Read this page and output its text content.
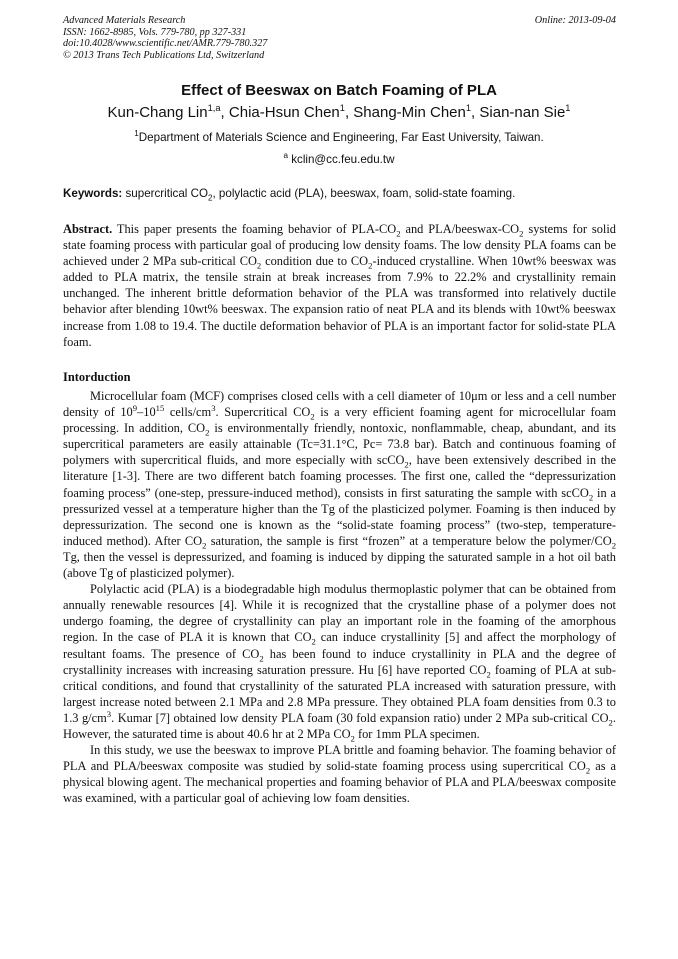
Advanced Materials Research
ISSN: 1662-8985, Vols. 779-780, pp 327-331
doi:10.4028/www.scientific.net/AMR.779-780.327
© 2013 Trans Tech Publications Ltd, Switzerland
Online: 2013-09-04
Effect of Beeswax on Batch Foaming of PLA
Kun-Chang Lin$^{1,a}$, Chia-Hsun Chen$^1$, Shang-Min Chen$^1$, Sian-nan Sie$^1$
$^1$Department of Materials Science and Engineering, Far East University, Taiwan.
$^a$ kclin@cc.feu.edu.tw
Keywords: supercritical $CO_2$, polylactic acid (PLA), beeswax, foam, solid-state foaming.
Abstract. This paper presents the foaming behavior of PLA-$CO_2$ and PLA/$beeswax-CO_2$ systems for solid state foaming process with particular goal of producing low density foams. The low density PLA foams can be achieved under 2 MPa sub-critical $CO_2$ condition due to $CO_2$-induced crystalline. When 10wt% beeswax was added to PLA matrix, the tensile strain at break increases from 7.9% to 22.2% and crystallinity remain unchanged. The inherent brittle deformation behavior of the PLA was transformed into relatively ductile behavior after blending 10wt% beeswax. The expansion ratio of neat PLA and its blends with 10wt% beeswax increase from 1.08 to 19.4. The ductile deformation behavior of PLA is an important factor for solid-state PLA foam.
Intorduction

Microcellular foam (MCF) comprises closed cells with a cell diameter of 10μm or less and a cell number density of $10^9-10^{15}$ cells/$cm^3$. Supercritical $CO_2$ is a very efficient foaming agent for microcellular foam processing. In addition, $CO_2$ is environmentally friendly, nontoxic, nonflammable, cheap, abundant, and its supercritical parameters are easily attainable (Tc=31.1°C, Pc= 73.8 bar). Batch and continuous foaming of polymers with supercritical fluids, and more especially with scCO$_2$, have been extensively described in the literature [1-3]. There are two different batch foaming processes. The first one, called the “depressurization foaming process” (one-step, pressure-induced method), consists in first saturating the sample with scCO$_2$ in a pressurized vessel at a temperature higher than the Tg of the plasticized polymer. Foaming is then induced by depressurization. The second one is known as the “solid-state foaming process” (two-step, temperature-induced method). After $CO_2$ saturation, the sample is first “frozen” at a temperature below the polymer/$CO_2$ Tg, then the vessel is depressurized, and foaming is induced by dipping the saturated sample in a hot oil bath (above Tg of plasticized polymer).

Polylactic acid (PLA) is a biodegradable high modulus thermoplastic polymer that can be obtained from annually renewable resources [4]. While it is recognized that the crystalline phase of a polymer does not undergo foaming, the degree of crystallinity can play an important role in the foaming of the amorphous region. In the case of PLA it is known that $CO_2$ can induce crystallinity [5] and affect the morphology of resultant foams. The presence of $CO_2$ has been found to induce crystallinity in PLA and the degree of crystallinity increases with increasing saturation pressure. Hu [6] have reported $CO_2$ foaming of PLA at sub-critical conditions, and found that crystallinity of the saturated PLA increased with saturation pressure, with largest increase noted between 2.1 MPa and 2.8 MPa pressure. They obtained PLA foam densities from 0.3 to 1.3 $g/cm^3$. Kumar [7] obtained low density PLA foam (30 fold expansion ratio) under 2 MPa sub-critical $CO_2$. However, the saturated time is about 40.6 hr at 2 MPa $CO_2$ for 1mm PLA specimen.

In this study, we use the beeswax to improve PLA brittle and foaming behavior. The foaming behavior of PLA and PLA/beeswax composite was studied by solid-state foaming process using supercritical $CO_2$ as a physical blowing agent. The mechanical properties and foaming behavior of PLA and PLA/beeswax composite was examined, with a particular goal of achieving low foam densities.
